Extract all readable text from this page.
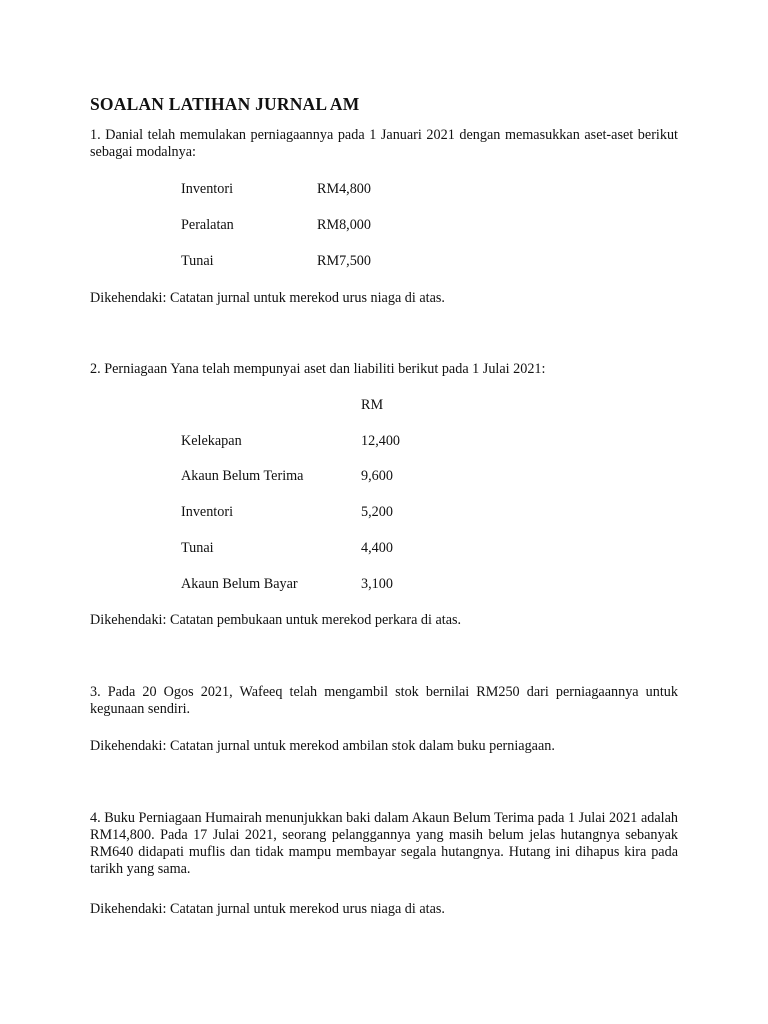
SOALAN LATIHAN JURNAL AM
1. Danial telah memulakan perniagaannya pada 1 Januari 2021 dengan memasukkan aset-aset berikut sebagai modalnya:
Inventori	RM4,800
Peralatan	RM8,000
Tunai	RM7,500
Dikehendaki: Catatan jurnal untuk merekod urus niaga di atas.
2. Perniagaan Yana telah mempunyai aset dan liabiliti berikut pada 1 Julai 2021:
RM
Kelekapan	12,400
Akaun Belum Terima	9,600
Inventori	5,200
Tunai	4,400
Akaun Belum Bayar	3,100
Dikehendaki: Catatan pembukaan untuk merekod perkara di atas.
3. Pada 20 Ogos 2021, Wafeeq telah mengambil stok bernilai RM250 dari perniagaannya untuk kegunaan sendiri.
Dikehendaki: Catatan jurnal untuk merekod ambilan stok dalam buku perniagaan.
4. Buku Perniagaan Humairah menunjukkan baki dalam Akaun Belum Terima pada 1 Julai 2021 adalah RM14,800. Pada 17 Julai 2021, seorang pelanggannya yang masih belum jelas hutangnya sebanyak RM640 didapati muflis dan tidak mampu membayar segala hutangnya. Hutang ini dihapus kira pada tarikh yang sama.
Dikehendaki: Catatan jurnal untuk merekod urus niaga di atas.
